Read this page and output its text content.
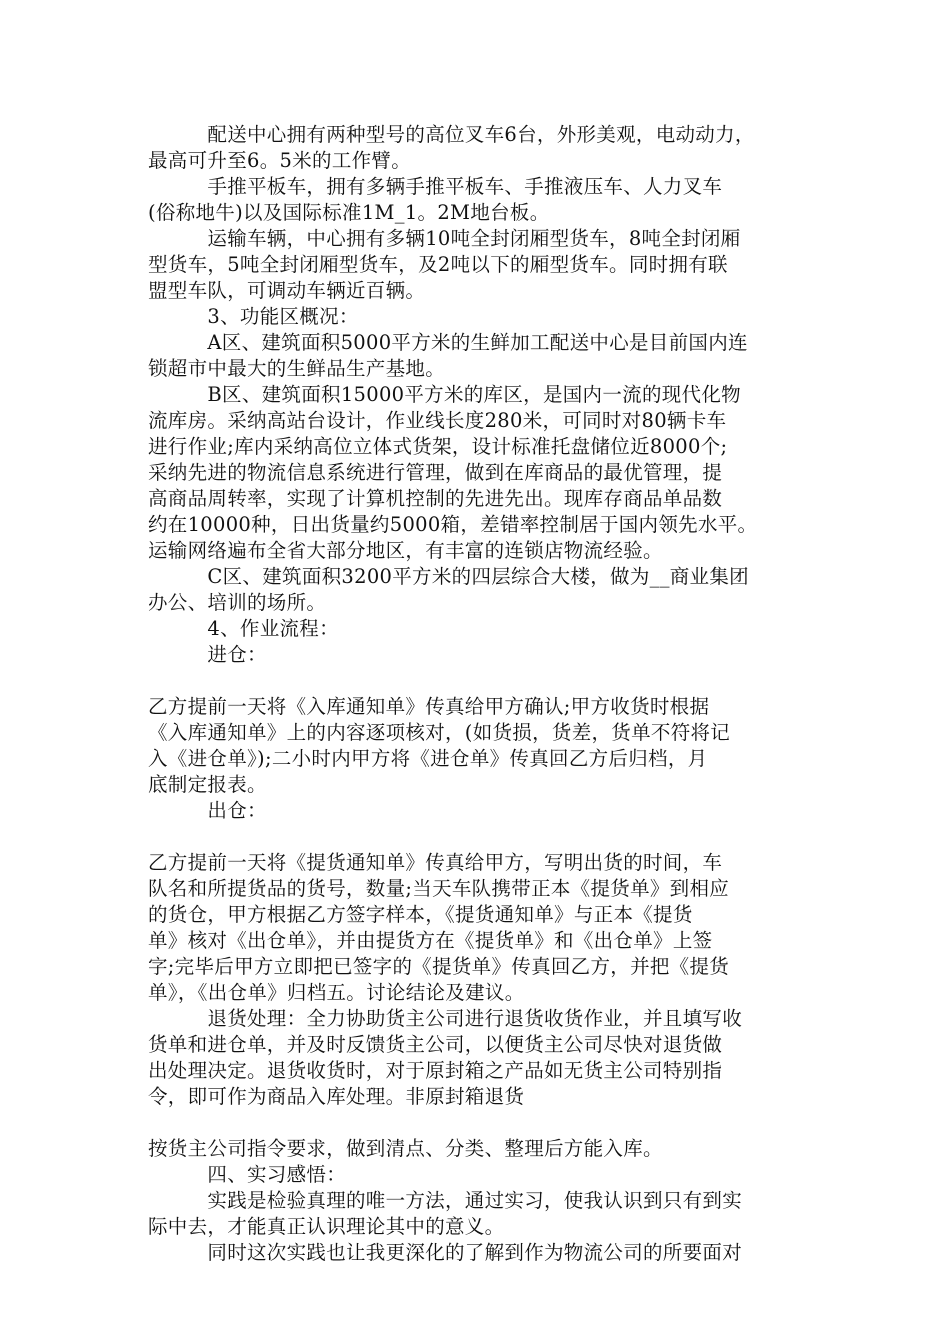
　　　配送中心拥有两种型号的高位叉车6台，外形美观，电动动力，
最高可升至6。5米的工作臂。
　　　手推平板车，拥有多辆手推平板车、手推液压车、人力叉车
(俗称地牛)以及国际标准1M_1。2M地台板。
　　　运输车辆，中心拥有多辆10吨全封闭厢型货车，8吨全封闭厢
型货车，5吨全封闭厢型货车，及2吨以下的厢型货车。同时拥有联
盟型车队，可调动车辆近百辆。
　　　3、功能区概况：
　　　A区、建筑面积5000平方米的生鲜加工配送中心是目前国内连
锁超市中最大的生鲜品生产基地。
　　　B区、建筑面积15000平方米的库区，是国内一流的现代化物
流库房。采纳高站台设计，作业线长度280米，可同时对80辆卡车
进行作业;库内采纳高位立体式货架，设计标准托盘储位近8000个;
采纳先进的物流信息系统进行管理，做到在库商品的最优管理，提
高商品周转率，实现了计算机控制的先进先出。现库存商品单品数
约在10000种，日出货量约5000箱，差错率控制居于国内领先水平。
运输网络遍布全省大部分地区，有丰富的连锁店物流经验。
　　　C区、建筑面积3200平方米的四层综合大楼，做为__商业集团
办公、培训的场所。
　　　4、作业流程：
　　　进仓：
乙方提前一天将《入库通知单》传真给甲方确认;甲方收货时根据
《入库通知单》上的内容逐项核对，(如货损，货差，货单不符将记
入《进仓单》);二小时内甲方将《进仓单》传真回乙方后归档，月
底制定报表。
　　　出仓：
乙方提前一天将《提货通知单》传真给甲方，写明出货的时间，车
队名和所提货品的货号，数量;当天车队携带正本《提货单》到相应
的货仓，甲方根据乙方签字样本，《提货通知单》与正本《提货
单》核对《出仓单》，并由提货方在《提货单》和《出仓单》上签
字;完毕后甲方立即把已签字的《提货单》传真回乙方，并把《提货
单》，《出仓单》归档五。讨论结论及建议。
　　　退货处理：全力协助货主公司进行退货收货作业，并且填写收
货单和进仓单，并及时反馈货主公司，以便货主公司尽快对退货做
出处理决定。退货收货时，对于原封箱之产品如无货主公司特别指
令，即可作为商品入库处理。非原封箱退货
按货主公司指令要求，做到清点、分类、整理后方能入库。
　　　四、实习感悟：
　　　实践是检验真理的唯一方法，通过实习，使我认识到只有到实
际中去，才能真正认识理论其中的意义。
　　　同时这次实践也让我更深化的了解到作为物流公司的所要面对
